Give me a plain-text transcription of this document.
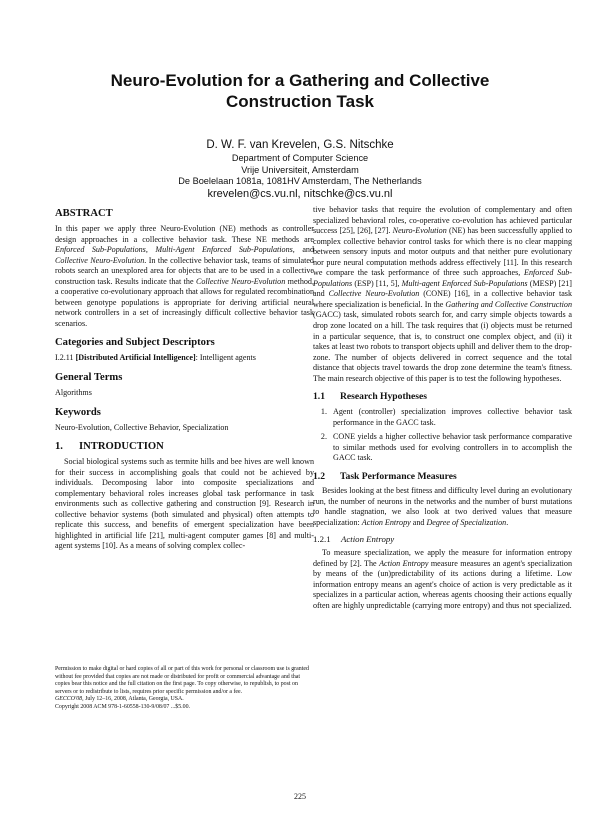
Neuro-Evolution for a Gathering and Collective
Construction Task
D. W. F. van Krevelen, G.S. Nitschke
Department of Computer Science
Vrije Universiteit, Amsterdam
De Boelelaan 1081a, 1081HV Amsterdam, The Netherlands
krevelen@cs.vu.nl, nitschke@cs.vu.nl
ABSTRACT

In this paper we apply three Neuro-Evolution (NE) methods as controller design approaches in a collective behavior task. These NE methods are Enforced Sub-Populations, Multi-Agent Enforced Sub-Populations, and Collective Neuro-Evolution. In the collective behavior task, teams of simulated robots search an unexplored area for objects that are to be used in a collective construction task. Results indicate that the Collective Neuro-Evolution method, a cooperative co-evolutionary approach that allows for regulated recombination between genotype populations is appropriate for deriving artificial neural network controllers in a set of increasingly difficult collective behavior task scenarios.

Categories and Subject Descriptors

I.2.11 [Distributed Artificial Intelligence]: Intelligent agents

General Terms

Algorithms

Keywords

Neuro-Evolution, Collective Behavior, Specialization

1. INTRODUCTION

Social biological systems such as termite hills and bee hives are well known for their success in accomplishing goals that could not be achieved by individuals. Decomposing labor into composite specializations and complementary behavioral roles increases global task performance in task environments such as collective gathering and construction [9]. Research in collective behavior systems (both simulated and physical) often attempts to replicate this success, and benefits of emergent specialization have been highlighted in artificial life [21], multi-agent computer games [8] and multi-agent systems [10]. As a means of solving complex collec-

tive behavior tasks that require the evolution of complementary and often specialized behavioral roles, co-operative co-evolution has achieved particular success [25], [26], [27]. Neuro-Evolution (NE) has been successfully applied to complex collective behavior control tasks for which there is no clear mapping between sensory inputs and motor outputs and that neither pure evolutionary nor pure neural computation methods address effectively [11]. In this research we compare the task performance of three such approaches, Enforced Sub-Populations (ESP) [11, 5], Multi-agent Enforced Sub-Populations (MESP) [21] and Collective Neuro-Evolution (CONE) [16], in a collective behavior task where specialization is beneficial. In the Gathering and Collective Construction (GACC) task, simulated robots search for, and carry simple objects towards a drop zone located on a hill. The task requires that (i) objects must be returned in a particular sequence, that is, to construct one complex object, and (ii) it takes at least two robots to transport objects uphill and deliver them to the drop-zone. The number of objects delivered in correct sequence and the total distance that objects travel towards the drop zone determine the team's fitness. The main research objective of this paper is to test the following hypotheses.

1.1 Research Hypotheses
1. Agent (controller) specialization improves collective behavior task performance in the GACC task.
2. CONE yields a higher collective behavior task performance comparative to similar methods used for evolving controllers in to accomplish the GACC task.
1.2 Task Performance Measures

Besides looking at the best fitness and difficulty level during an evolutionary run, the number of neurons in the networks and the number of burst mutations to handle stagnation, we also look at two derived values that measure specialization: Action Entropy and Degree of Specialization.

1.2.1 Action Entropy

To measure specialization, we apply the measure for information entropy defined by [2]. The Action Entropy measure measures an agent's specialization by means of the (un)predictability of its actions during a lifetime. Low information entropy means an agent's choice of action is very predictable as it specializes in a particular action, whereas agents choosing their actions equally often are highly unpredictable (carrying more entropy) and thus not specialized.

Permission to make digital or hard copies of all or part of this work for personal or classroom use is granted without fee provided that copies are not made or distributed for profit or commercial advantage and that copies bear this notice and the full citation on the first page. To copy otherwise, to republish, to post on servers or to redistribute to lists, requires prior specific permission and/or a fee.

GECCO'08, July 12–16, 2008, Atlanta, Georgia, USA.

Copyright 2008 ACM 978-1-60558-130-9/08/07 ...$5.00.

225
